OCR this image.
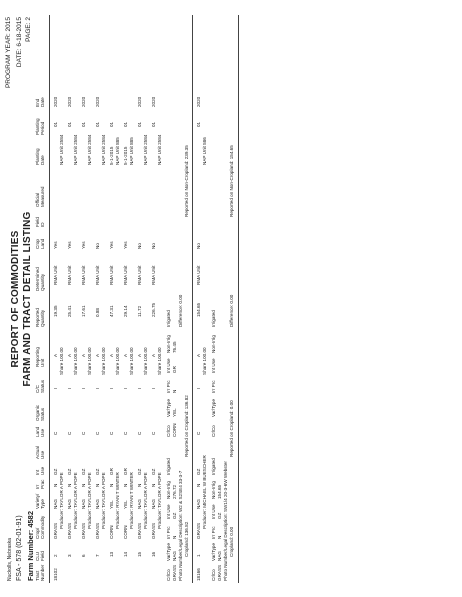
Nuckolls, Nebraska FSA - 578 (02-01-91) Farm Number: 4582
REPORT OF COMMODITIES FARM AND TRACT DETAIL LISTING
PROGRAM YEAR: 2015 DATE: 6-18-2015 PAGE: 2
Tract Number
CLU Field
Crop/ Commodity
Variety/ Type
Irr Prac
Int Use
Actual Use
Land Use
Organic Status
C/C Status
Reporting Unit
Reported Quantity
Determined Quantity
Crop Land
Field ID
Official Measured
Planting Date
Planting Period
End Date
18102
2
GRASS
NAG
N
GZ
C
I
A
19.35
RMA Unit
Yes
01
2020
Producer: TAYLOR A POPE
Share 100.00
NAP Unit 2584
3
GRASS
NAG
N
GZ
C
I
A
25.41
RMA Unit
Yes
01
2020
Producer: TAYLOR A POPE
Share 100.00
NAP Unit 2584
6
GRASS
NAG
N
GZ
C
I
A
17.61
RMA Unit
Yes
01
2020
Producer: TAYLOR A POPE
Share 100.00
NAP Unit 2584
7
GRASS
NAG
N
GZ
C
I
A
0.88
RMA Unit
No
01
2020
Producer: TAYLOR A POPE
Share 100.00
NAP Unit 2584
13
CORN
YEL
N
GR
C
I
A
47.31
RMA Unit
Yes
5-1-2015
01
Producer: RYAN T WINTER
Share 100.00
NAP Unit 885
14
CORN
YEL
N
GR
C
I
A
29.14
RMA Unit
Yes
5-1-2015
01
Producer: RYAN T WINTER
Share 100.00
NAP Unit 885
15
GRASS
NAG
N
GZ
C
I
A
11.72
RMA Unit
No
01
2020
Producer: TAYLOR A POPE
Share 100.00
NAP Unit 2584
16
GRASS
NAG
N
GZ
C
I
A
226.75
RMA Unit
No
01
2020
Producer: TAYLOR A POPE
Share 100.00
NAP Unit 2584
CrlCo
Var/Type
Irr Prc
Int Use
Non-Irrig
Irrigated
CrlCo
Var/Type
Irr Prc
Int Use
Non-Irrig
Irrigated
GRASS
NAG
N
GZ
276.72
CORN
YEL
N
GR
76.45
Photo Number/Legal Description: W2 & S2SE4 33-3-7 Cropland: 136.82
Reported on Cropland: 136.82
Difference: 0.00
Reported on Non-Cropland: 239.35
18166
1
GRASS
NAG
N
GZ
C
I
A
154.65
RMA Unit
No
01
2020
Producer: MICHAEL W BUESCHER
Share 100.00
NAP Unit 586
CrlCo
Var/Type
Irr Prc
Int Use
Non-Irrig
Irrigated
CrlCo
Var/Type
Irr Prc
Int Use
Non-Irrig
Irrigated
GRASS
NAG
N
GZ
154.65 Photo Number/Legal Description: SW1/4 20-3-6W Webster Cropland: 0.00
Reported on Cropland: 0.00
Difference: 0.00
Reported on Non-Cropland: 154.65
